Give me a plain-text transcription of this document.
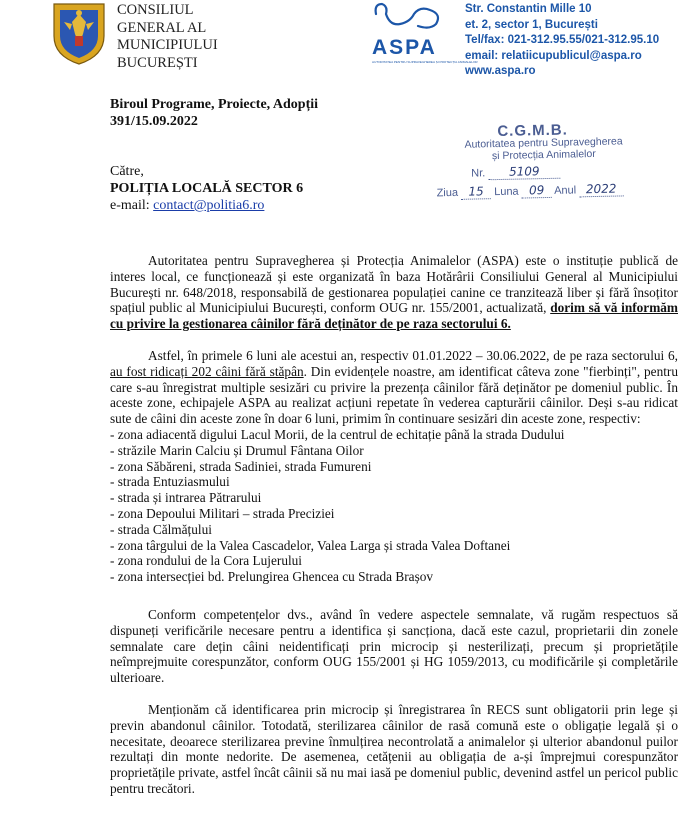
CONSILIUL
GENERAL AL
MUNICIPIULUI
BUCUREȘTI
ASPA
AUTORITATEA PENTRU SUPRAVEGHEREA ȘI PROTECȚIA ANIMALELOR
Str. Constantin Mille 10
et. 2, sector 1, București
Tel/fax: 021-312.95.55/021-312.95.10
email: relatiicupublicul@aspa.ro
www.aspa.ro
Biroul Programe, Proiecte, Adopții
391/15.09.2022
C.G.M.B.
Autoritatea pentru Supravegherea
și Protecția Animalelor
Nr. 5109
Ziua 15 Luna 09 Anul 2022
Către,
POLIȚIA LOCALĂ SECTOR 6
e-mail: contact@politia6.ro

Autoritatea pentru Supravegherea și Protecția Animalelor (ASPA) este o instituție publică de interes local, ce funcționează și este organizată în baza Hotărârii Consiliului General al Municipiului București nr. 648/2018, responsabilă de gestionarea populației canine ce tranzitează liber și fără însoțitor spațiul public al Municipiului București, conform OUG nr. 155/2001, actualizată, dorim să vă informăm cu privire la gestionarea câinilor fără deținător de pe raza sectorului 6.

Astfel, în primele 6 luni ale acestui an, respectiv 01.01.2022 – 30.06.2022, de pe raza sectorului 6, au fost ridicați 202 câini fără stăpân. Din evidențele noastre, am identificat câteva zone "fierbinți", pentru care s-au înregistrat multiple sesizări cu privire la prezența câinilor fără deținător pe domeniul public. În aceste zone, echipajele ASPA au realizat acțiuni repetate în vederea capturării câinilor. Deși s-au ridicat sute de câini din aceste zone în doar 6 luni, primim în continuare sesizări din aceste zone, respectiv:

- zona adiacentă digului Lacul Morii, de la centrul de echitație până la strada Dudului
- străzile Marin Calciu și Drumul Fântana Oilor
- zona Săbăreni, strada Sadiniei, strada Fumureni
- strada Entuziasmului
- strada și intrarea Pătrarului
- zona Depoului Militari – strada Preciziei
- strada Călmățului
- zona târgului de la Valea Cascadelor, Valea Larga și strada Valea Doftanei
- zona rondului de la Cora Lujerului
- zona intersecției bd. Prelungirea Ghencea cu Strada Brașov

Conform competențelor dvs., având în vedere aspectele semnalate, vă rugăm respectuos să dispuneți verificările necesare pentru a identifica și sancționa, dacă este cazul, proprietarii din zonele semnalate care dețin câini neidentificați prin microcip și nesterilizați, precum și proprietățile neîmprejmuite corespunzător, conform OUG 155/2001 și HG 1059/2013, cu modificările și completările ulterioare.

Menționăm că identificarea prin microcip și înregistrarea în RECS sunt obligatorii prin lege și previn abandonul câinilor. Totodată, sterilizarea câinilor de rasă comună este o obligație legală și o necesitate, deoarece sterilizarea previne înmulțirea necontrolată a animalelor și ulterior abandonul puilor rezultați din monte nedorite. De asemenea, cetățenii au obligația de a-și împrejmui corespunzător proprietățile private, astfel încât câinii să nu mai iasă pe domeniul public, devenind astfel un pericol public pentru trecători.
